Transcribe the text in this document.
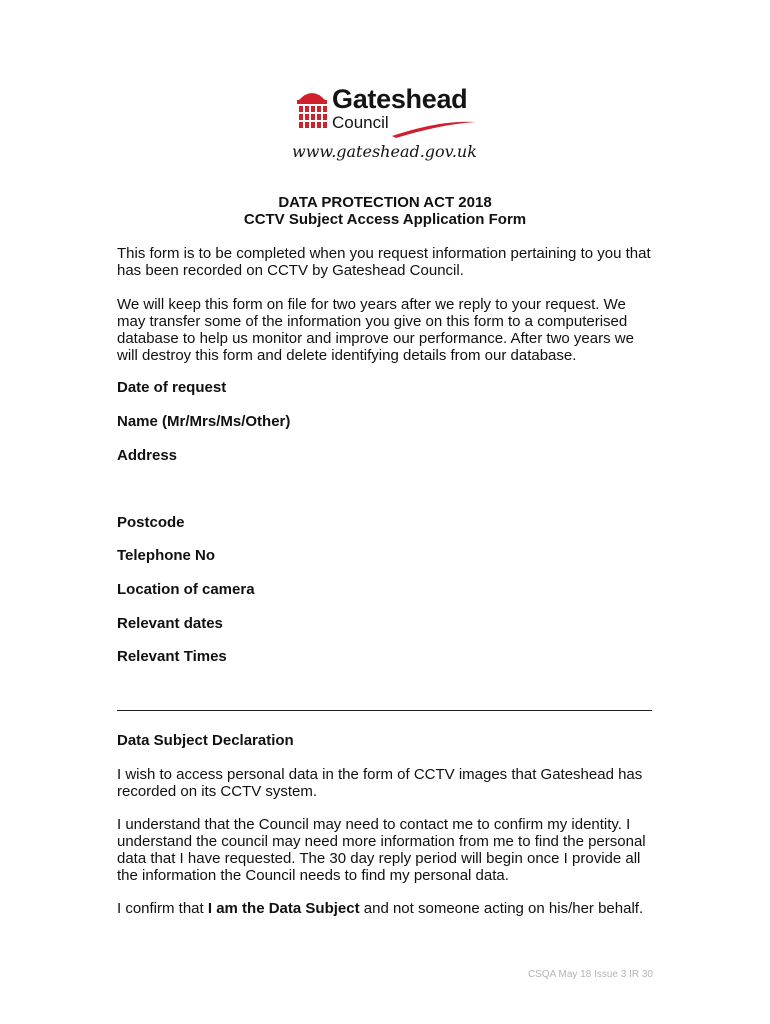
Gateshead
Council
www.gateshead.gov.uk
DATA PROTECTION ACT 2018
CCTV Subject Access Application Form

This form is to be completed when you request information pertaining to you that has been recorded on CCTV by Gateshead Council.

We will keep this form on file for two years after we reply to your request. We may transfer some of the information you give on this form to a computerised database to help us monitor and improve our performance. After two years we will destroy this form and delete identifying details from our database.

Date of request
Name (Mr/Mrs/Ms/Other)
Address
Postcode
Telephone No
Location of camera
Relevant dates
Relevant Times
Data Subject Declaration

I wish to access personal data in the form of CCTV images that Gateshead has recorded on its CCTV system.

I understand that the Council may need to contact me to confirm my identity. I understand the council may need more information from me to find the personal data that I have requested. The 30 day reply period will begin once I provide all the information the Council needs to find my personal data.

I confirm that I am the Data Subject and not someone acting on his/her behalf.

CSQA May 18 Issue 3 IR 30
